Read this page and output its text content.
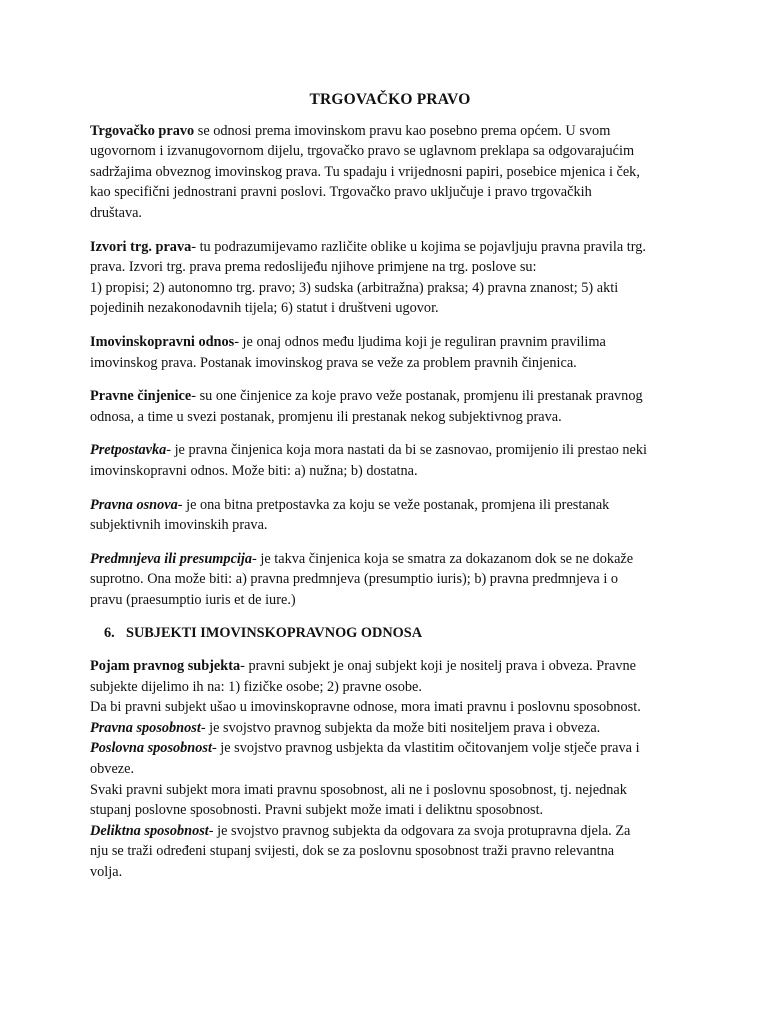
TRGOVAČKO PRAVO
Trgovačko pravo se odnosi prema imovinskom pravu kao posebno prema općem. U svom
ugovornom i izvanugovornom dijelu, trgovačko pravo se uglavnom preklapa sa odgovarajućim
sadržajima obveznog imovinskog prava. Tu spadaju i vrijednosni papiri, posebice mjenica i ček,
kao specifični jednostrani pravni poslovi. Trgovačko pravo uključuje i pravo trgovačkih
društava.
Izvori trg. prava- tu podrazumijevamo različite oblike u kojima se pojavljuju pravna pravila trg.
prava. Izvori trg. prava prema redoslijeđu njihove primjene na trg. poslove su:
1) propisi; 2) autonomno trg. pravo; 3) sudska (arbitražna) praksa; 4) pravna znanost; 5) akti
pojedinih nezakonodavnih tijela; 6) statut i društveni ugovor.
Imovinskopravni odnos- je onaj odnos među ljudima koji je reguliran pravnim pravilima
imovinskog prava. Postanak imovinskog prava se veže za problem pravnih činjenica.
Pravne činjenice- su one činjenice za koje pravo veže postanak, promjenu ili prestanak pravnog
odnosa, a time u svezi postanak, promjenu ili prestanak nekog subjektivnog prava.
Pretpostavka- je pravna činjenica koja mora nastati da bi se zasnovao, promijenio ili prestao neki
imovinskopravni odnos. Može biti: a) nužna; b) dostatna.
Pravna osnova- je ona bitna pretpostavka za koju se veže postanak, promjena ili prestanak
subjektivnih imovinskih prava.
Predmnjeva ili presumpcija- je takva činjenica koja se smatra za dokazanom dok se ne dokaže
suprotno. Ona može biti: a) pravna predmnjeva (presumptio iuris); b) pravna predmnjeva i o
pravu (praesumptio iuris et de iure.)
6. SUBJEKTI IMOVINSKOPRAVNOG ODNOSA
Pojam pravnog subjekta- pravni subjekt je onaj subjekt koji je nositelj prava i obveza. Pravne
subjekte dijelimo ih na: 1) fizičke osobe; 2) pravne osobe.
Da bi pravni subjekt ušao u imovinskopravne odnose, mora imati pravnu i poslovnu sposobnost.
Pravna sposobnost- je svojstvo pravnog subjekta da može biti nositeljem prava i obveza.
Poslovna sposobnost- je svojstvo pravnog usbjekta da vlastitim očitovanjem volje stječe prava i
obveze.
Svaki pravni subjekt mora imati pravnu sposobnost, ali ne i poslovnu sposobnost, tj. nejednak
stupanj poslovne sposobnosti. Pravni subjekt može imati i deliktnu sposobnost.
Deliktna sposobnost- je svojstvo pravnog subjekta da odgovara za svoja protupravna djela. Za
nju se traži određeni stupanj svijesti, dok se za poslovnu sposobnost traži pravno relevantna
volja.
